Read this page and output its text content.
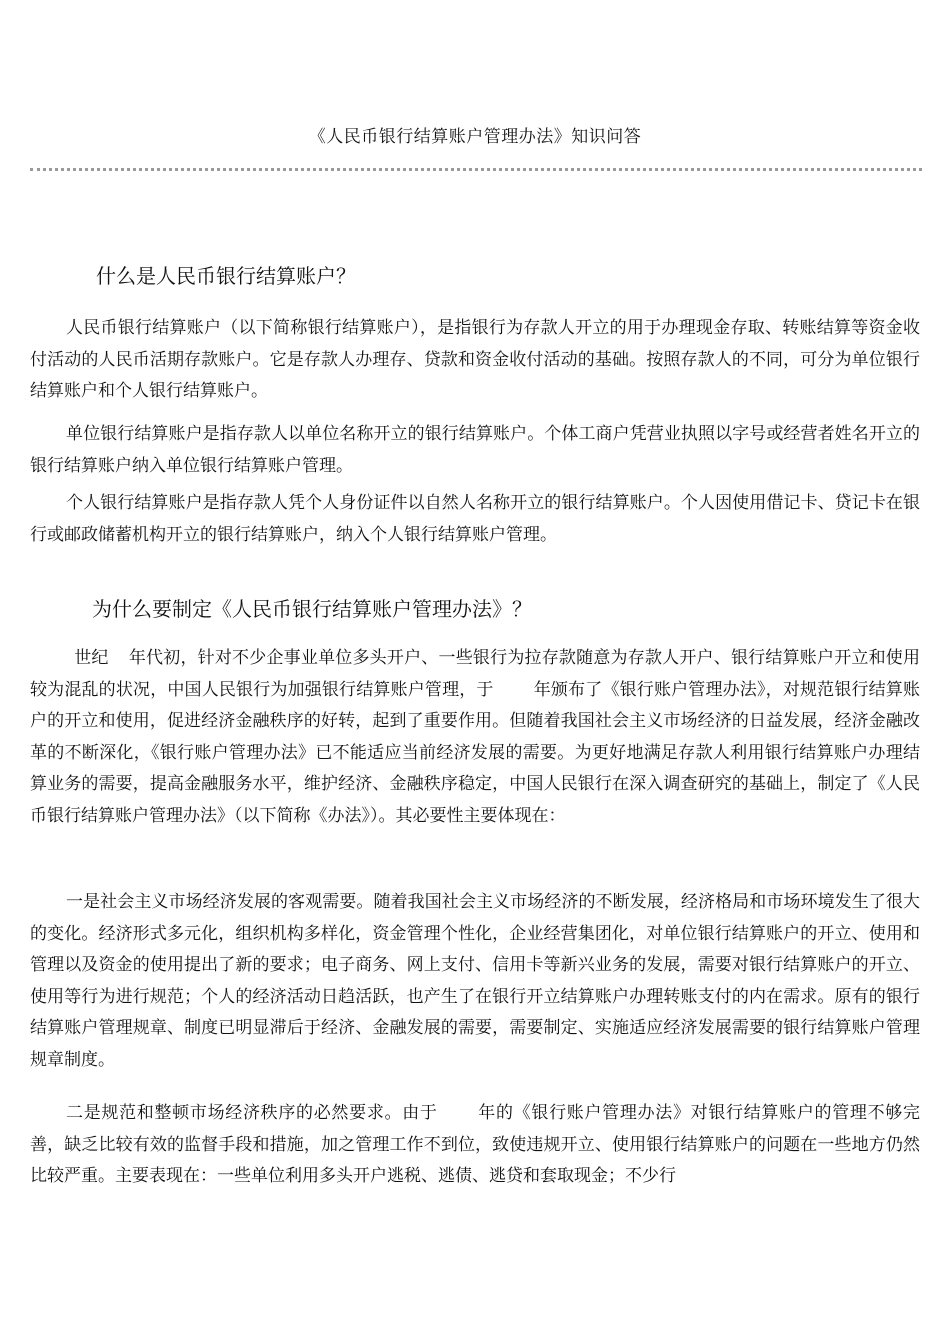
《人民币银行结算账户管理办法》知识问答
什么是人民币银行结算账户？

人民币银行结算账户（以下简称银行结算账户），是指银行为存款人开立的用于办理现金存取、转账结算等资金收付活动的人民币活期存款账户。它是存款人办理存、贷款和资金收付活动的基础。按照存款人的不同，可分为单位银行结算账户和个人银行结算账户。

单位银行结算账户是指存款人以单位名称开立的银行结算账户。个体工商户凭营业执照以字号或经营者姓名开立的银行结算账户纳入单位银行结算账户管理。

个人银行结算账户是指存款人凭个人身份证件以自然人名称开立的银行结算账户。个人因使用借记卡、贷记卡在银行或邮政储蓄机构开立的银行结算账户，纳入个人银行结算账户管理。

为什么要制定《人民币银行结算账户管理办法》？

世纪 年代初，针对不少企事业单位多头开户、一些银行为拉存款随意为存款人开户、银行结算账户开立和使用较为混乱的状况，中国人民银行为加强银行结算账户管理，于 年颁布了《银行账户管理办法》，对规范银行结算账户的开立和使用，促进经济金融秩序的好转，起到了重要作用。但随着我国社会主义市场经济的日益发展，经济金融改革的不断深化，《银行账户管理办法》已不能适应当前经济发展的需要。为更好地满足存款人利用银行结算账户办理结算业务的需要，提高金融服务水平，维护经济、金融秩序稳定，中国人民银行在深入调查研究的基础上，制定了《人民币银行结算账户管理办法》（以下简称《办法》）。其必要性主要体现在：

一是社会主义市场经济发展的客观需要。随着我国社会主义市场经济的不断发展，经济格局和市场环境发生了很大的变化。经济形式多元化，组织机构多样化，资金管理个性化，企业经营集团化，对单位银行结算账户的开立、使用和管理以及资金的使用提出了新的要求；电子商务、网上支付、信用卡等新兴业务的发展，需要对银行结算账户的开立、使用等行为进行规范；个人的经济活动日趋活跃，也产生了在银行开立结算账户办理转账支付的内在需求。原有的银行结算账户管理规章、制度已明显滞后于经济、金融发展的需要，需要制定、实施适应经济发展需要的银行结算账户管理规章制度。

二是规范和整顿市场经济秩序的必然要求。由于 年的《银行账户管理办法》对银行结算账户的管理不够完善，缺乏比较有效的监督手段和措施，加之管理工作不到位，致使违规开立、使用银行结算账户的问题在一些地方仍然比较严重。主要表现在：一些单位利用多头开户逃税、逃债、逃贷和套取现金；不少行
